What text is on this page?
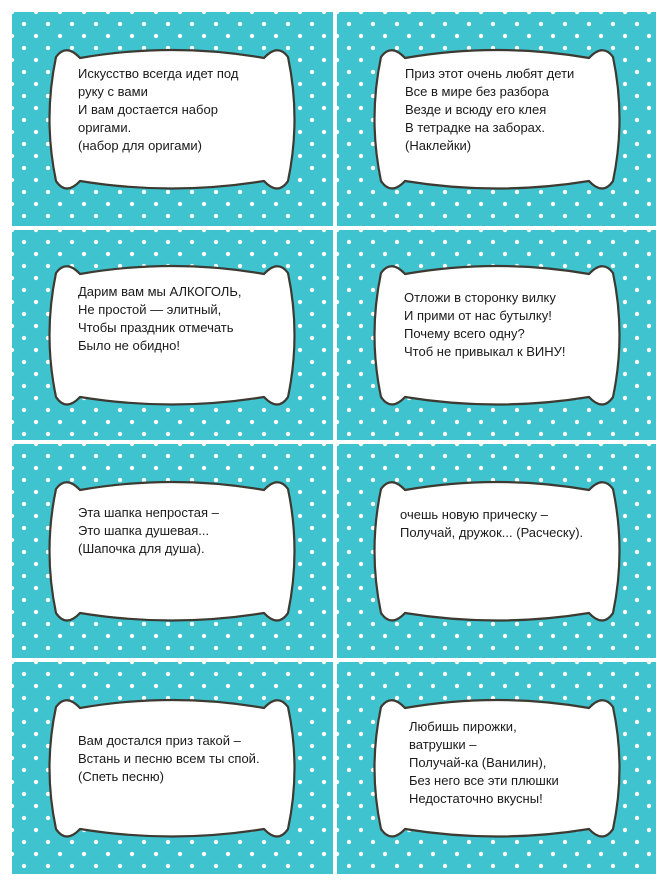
Искусство всегда идет под
руку с вами
И вам достается набор
оригами.
(набор для оригами)
Приз этот очень любят дети
Все в мире без разбора
Везде и всюду его клея
В тетрадке на заборах.
(Наклейки)
Дарим вам мы АЛКОГОЛЬ,
Не простой — элитный,
Чтобы праздник отмечать
Было не обидно!
Отложи в сторонку вилку
И прими от нас бутылку!
Почему всего одну?
Чтоб не привыкал к ВИНУ!
Эта шапка непростая –
Это шапка душевая...
(Шапочка для душа).
очешь новую прическу –
Получай, дружок... (Расческу).
Вам достался приз такой –
Встань и песню всем ты спой.
(Спеть песню)
Любишь пирожки,
ватрушки –
Получай-ка (Ванилин),
Без него все эти плюшки
Недостаточно вкусны!
